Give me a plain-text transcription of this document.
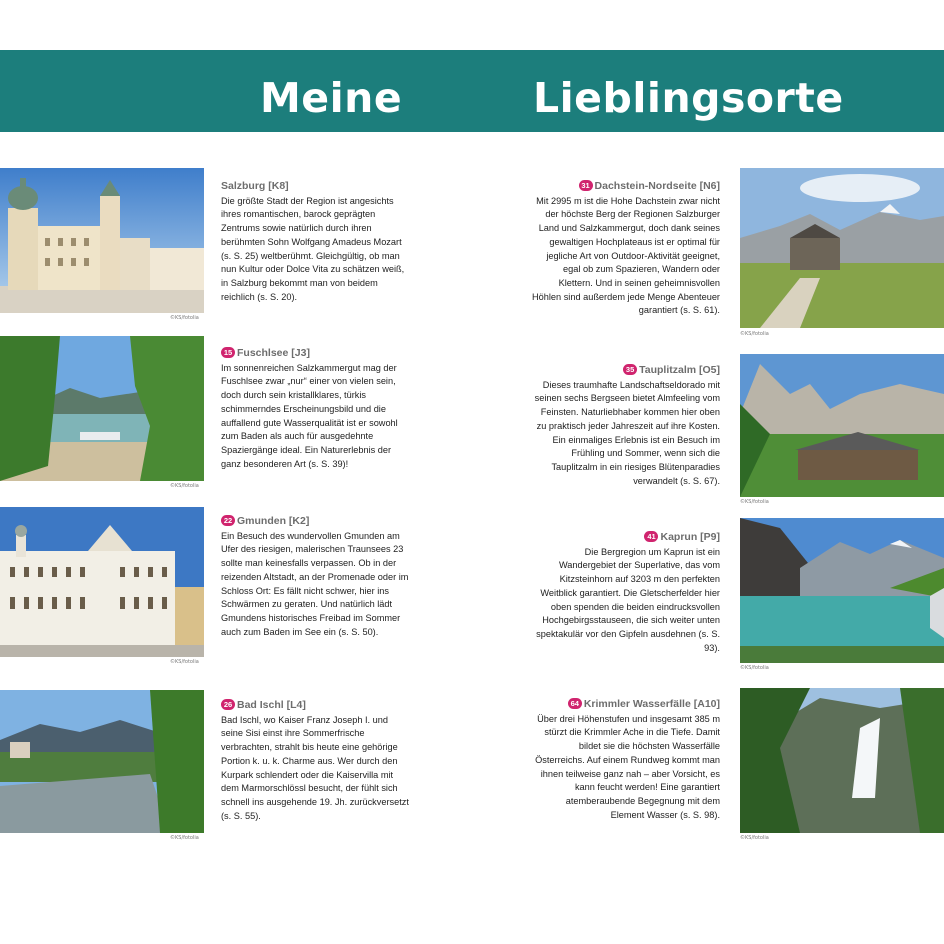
Meine	Lieblingsorte
©KS/fotolia
Salzburg [K8]
Die größte Stadt der Region ist angesichts ihres romantischen, barock geprägten Zentrums sowie natürlich durch ihren berühmten Sohn Wolfgang Amadeus Mozart (s. S. 25) weltberühmt. Gleichgültig, ob man nun Kultur oder Dolce Vita zu schätzen weiß, in Salzburg bekommt man von beidem reichlich (s. S. 20).
©KS/fotolia
15 Fuschlsee [J3]
Im sonnenreichen Salzkammergut mag der Fuschlsee zwar „nur“ einer von vielen sein, doch durch sein kristallklares, türkis schimmerndes Erscheinungsbild und die auffallend gute Wasserqualität ist er sowohl zum Baden als auch für ausgedehnte Spaziergänge ideal. Ein Naturerlebnis der ganz besonderen Art (s. S. 39)!
©KS/fotolia
22 Gmunden [K2]
Ein Besuch des wundervollen Gmunden am Ufer des riesigen, malerischen Traunsees 23 sollte man keinesfalls verpassen. Ob in der reizenden Altstadt, an der Promenade oder im Schloss Ort: Es fällt nicht schwer, hier ins Schwärmen zu geraten. Und natürlich lädt Gmundens historisches Freibad im Sommer auch zum Baden im See ein (s. S. 50).
©KS/fotolia
26 Bad Ischl [L4]
Bad Ischl, wo Kaiser Franz Joseph I. und seine Sisi einst ihre Sommerfrische verbrachten, strahlt bis heute eine gehörige Portion k. u. k. Charme aus. Wer durch den Kurpark schlendert oder die Kaiservilla mit dem Marmorschlössl besucht, der fühlt sich schnell ins ausgehende 19. Jh. zurückversetzt (s. S. 55).
31 Dachstein-Nordseite [N6]
Mit 2995 m ist die Hohe Dachstein zwar nicht der höchste Berg der Regionen Salzburger Land und Salzkammergut, doch dank seines gewaltigen Hochplateaus ist er optimal für jegliche Art von Outdoor-Aktivität geeignet, egal ob zum Spazieren, Wandern oder Klettern. Und in seinen geheimnisvollen Höhlen sind außerdem jede Menge Abenteuer garantiert (s. S. 61).
©KS/fotolia
35 Tauplitzalm [O5]
Dieses traumhafte Landschaftseldorado mit seinen sechs Bergseen bietet Almfeeling vom Feinsten. Naturliebhaber kommen hier oben zu praktisch jeder Jahreszeit auf ihre Kosten. Ein einmaliges Erlebnis ist ein Besuch im Frühling und Sommer, wenn sich die Tauplitzalm in ein riesiges Blütenparadies verwandelt (s. S. 67).
©KS/fotolia
41 Kaprun [P9]
Die Bergregion um Kaprun ist ein Wandergebiet der Superlative, das vom Kitzsteinhorn auf 3203 m den perfekten Weitblick garantiert. Die Gletscherfelder hier oben spenden die beiden eindrucksvollen Hochgebirgsstauseen, die sich weiter unten spektakulär vor den Gipfeln ausdehnen (s. S. 93).
©KS/fotolia
64 Krimmler Wasserfälle [A10]
Über drei Höhenstufen und insgesamt 385 m stürzt die Krimmler Ache in die Tiefe. Damit bildet sie die höchsten Wasserfälle Österreichs. Auf einem Rundweg kommt man ihnen teilweise ganz nah – aber Vorsicht, es kann feucht werden! Eine garantiert atemberaubende Begegnung mit dem Element Wasser (s. S. 98).
©KS/fotolia
